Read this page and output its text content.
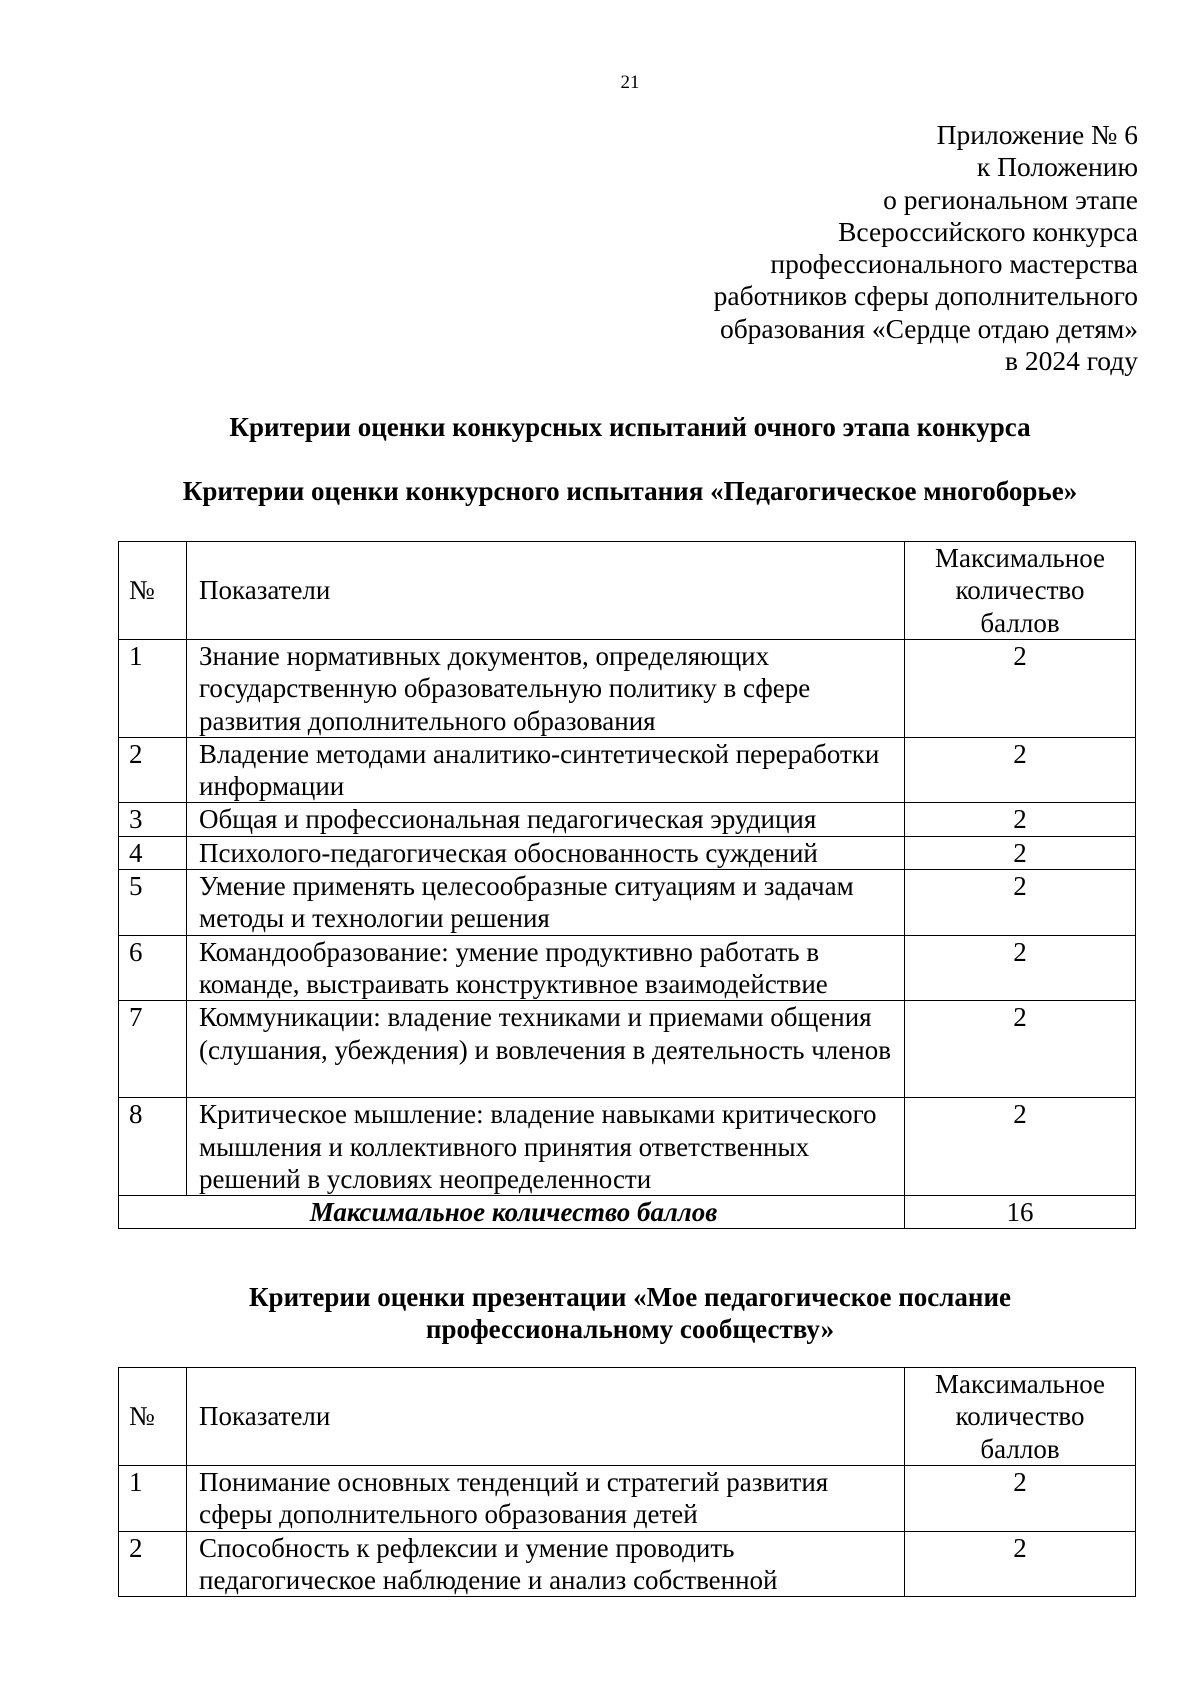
21
Приложение № 6
к Положению
о региональном этапе
Всероссийского конкурса
профессионального мастерства
работников сферы дополнительного
образования «Сердце отдаю детям»
в 2024 году
Критерии оценки конкурсных испытаний очного этапа конкурса
Критерии оценки конкурсного испытания «Педагогическое многоборье»
№	Показатели	Максимальное
количество
баллов

1	Знание нормативных документов, определяющих государственную образовательную политику в сфере развития дополнительного образования	2
2	Владение методами аналитико-синтетической переработки информации	2
3	Общая и профессиональная педагогическая эрудиция	2
4	Психолого-педагогическая обоснованность суждений	2
5	Умение применять целесообразные ситуациям и задачам методы и технологии решения	2
6	Командообразование: умение продуктивно работать в команде, выстраивать конструктивное взаимодействие	2
7	Коммуникации: владение техниками и приемами общения (слушания, убеждения) и вовлечения в деятельность членов	2
8	Критическое мышление: владение навыками критического мышления и коллективного принятия ответственных решений в условиях неопределенности	2
Максимальное количество баллов		16
Критерии оценки презентации «Мое педагогическое послание
профессиональному сообществу»
№	Показатели	Максимальное
количество
баллов

1	Понимание основных тенденций и стратегий развития сферы дополнительного образования детей	2
2	Способность к рефлексии и умение проводить педагогическое наблюдение и анализ собственной	2
